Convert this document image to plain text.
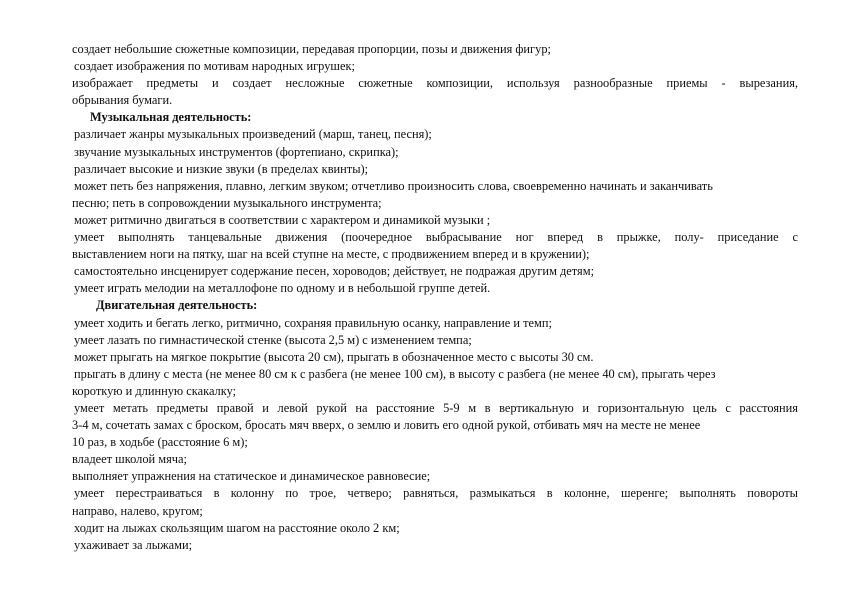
создает небольшие сюжетные композиции, передавая пропорции, позы и движения фигур;
создает изображения по мотивам народных игрушек;
изображает предметы и создает несложные сюжетные композиции, используя разнообразные приемы - вырезания,
обрывания бумаги.
Музыкальная деятельность:
различает жанры музыкальных произведений (марш, танец, песня);
звучание музыкальных инструментов (фортепиано, скрипка);
различает высокие и низкие звуки (в пределах квинты);
может петь без напряжения, плавно, легким звуком; отчетливо произносить слова, своевременно начинать и заканчивать
песню; петь в сопровождении музыкального инструмента;
может ритмично двигаться в соответствии с характером и динамикой музыки ;
умеет выполнять танцевальные движения (поочередное выбрасывание ног вперед в прыжке, полу- приседание с
выставлением ноги на пятку, шаг на всей ступне на месте, с продвижением вперед и в кружении);
самостоятельно инсценирует содержание песен, хороводов; действует, не подражая другим детям;
умеет играть мелодии на металлофоне по одному и в небольшой группе детей.
Двигательная деятельность:
умеет ходить и бегать легко, ритмично, сохраняя правильную осанку, направление и темп;
умеет лазать по гимнастической стенке (высота 2,5 м) с изменением темпа;
может прыгать на мягкое покрытие (высота 20 см), прыгать в обозначенное место с высоты 30 см.
прыгать в длину с места (не менее 80 см к с разбега (не менее 100 см), в высоту с разбега (не менее 40 см), прыгать через
короткую и длинную скакалку;
умеет метать предметы правой и левой рукой на расстояние 5-9 м в вертикальную и горизонтальную цель с расстояния
3-4 м, сочетать замах с броском, бросать мяч вверх, о землю и ловить его одной рукой, отбивать мяч на месте не менее
10 раз, в ходьбе (расстояние 6 м);
владеет школой мяча;
выполняет упражнения на статическое и динамическое равновесие;
умеет перестраиваться в колонну по трое, четверо; равняться, размыкаться в колонне, шеренге; выполнять повороты
направо, налево, кругом;
ходит на лыжах скользящим шагом на расстояние около 2 км;
ухаживает за лыжами;
